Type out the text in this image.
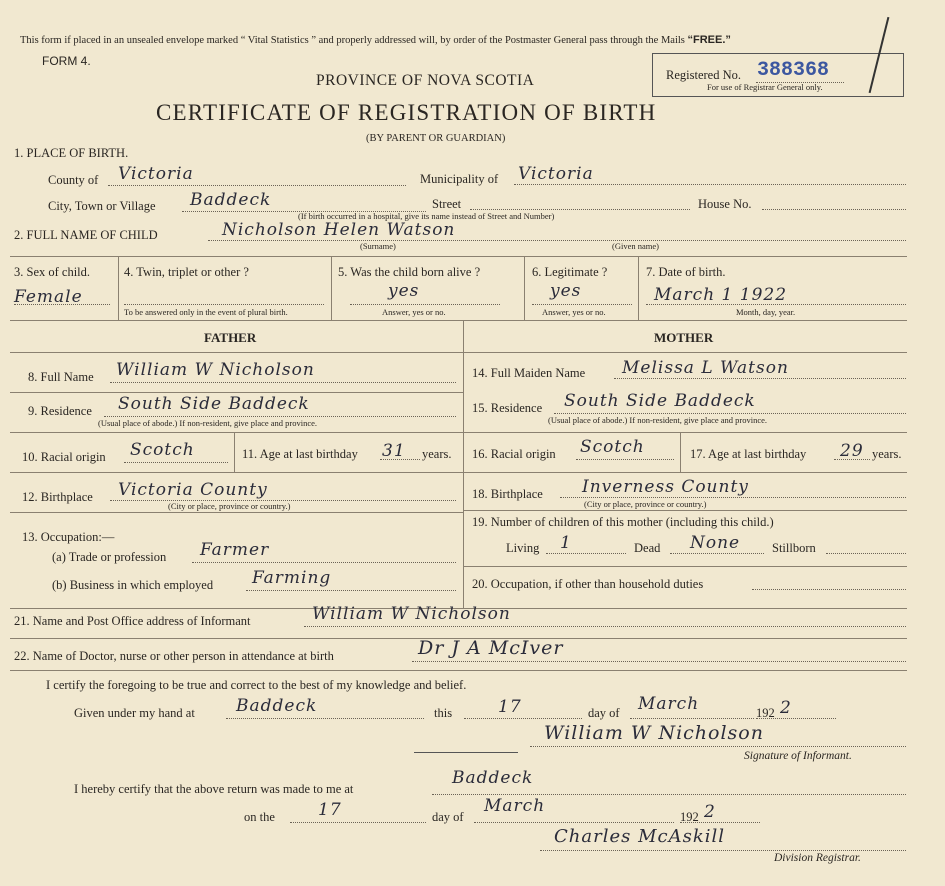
This form if placed in an unsealed envelope marked “ Vital Statistics ” and properly addressed will, by order of the Postmaster General pass through the Mails “FREE.”
FORM 4.
PROVINCE OF NOVA SCOTIA
CERTIFICATE OF REGISTRATION OF BIRTH
(BY PARENT OR GUARDIAN)
Registered No. 388368
For use of Registrar General only.
1. PLACE OF BIRTH.
County of Victoria	Municipality of Victoria
City, Town or Village Baddeck	Street	House No.
(If birth occurred in a hospital, give its name instead of Street and Number)
2. FULL NAME OF CHILD	Nicholson Helen Watson
(Surname)	(Given name)
3. Sex of child.
Female
4. Twin, triplet or other ?
To be answered only in the event of plural birth.
5. Was the child born alive ?
yes
Answer, yes or no.
6. Legitimate ?
yes
Answer, yes or no.
7. Date of birth.
March 1 1922
Month, day, year.
FATHER	MOTHER
8. Full Name William W Nicholson
9. Residence South Side Baddeck
(Usual place of abode.) If non-resident, give place and province.
10. Racial origin Scotch	11. Age at last birthday 31 years.
12. Birthplace Victoria County
(City or place, province or country.)
13. Occupation:—
(a) Trade or profession Farmer
(b) Business in which employed Farming
14. Full Maiden Name Melissa L Watson
15. Residence South Side Baddeck
(Usual place of abode.) If non-resident, give place and province.
16. Racial origin Scotch	17. Age at last birthday 29 years.
18. Birthplace Inverness County
(City or place, province or country.)
19. Number of children of this mother (including this child.)
Living 1	Dead None	Stillborn
20. Occupation, if other than household duties
21. Name and Post Office address of Informant	William W Nicholson
22. Name of Doctor, nurse or other person in attendance at birth	Dr J A McIver
I certify the foregoing to be true and correct to the best of my knowledge and belief.
Given under my hand at Baddeck	this	17	day of March	192 2
William W Nicholson
Signature of Informant.
I hereby certify that the above return was made to me at
Baddeck
on the	17	day of
March
192 2
Charles McAskill
Division Registrar.
